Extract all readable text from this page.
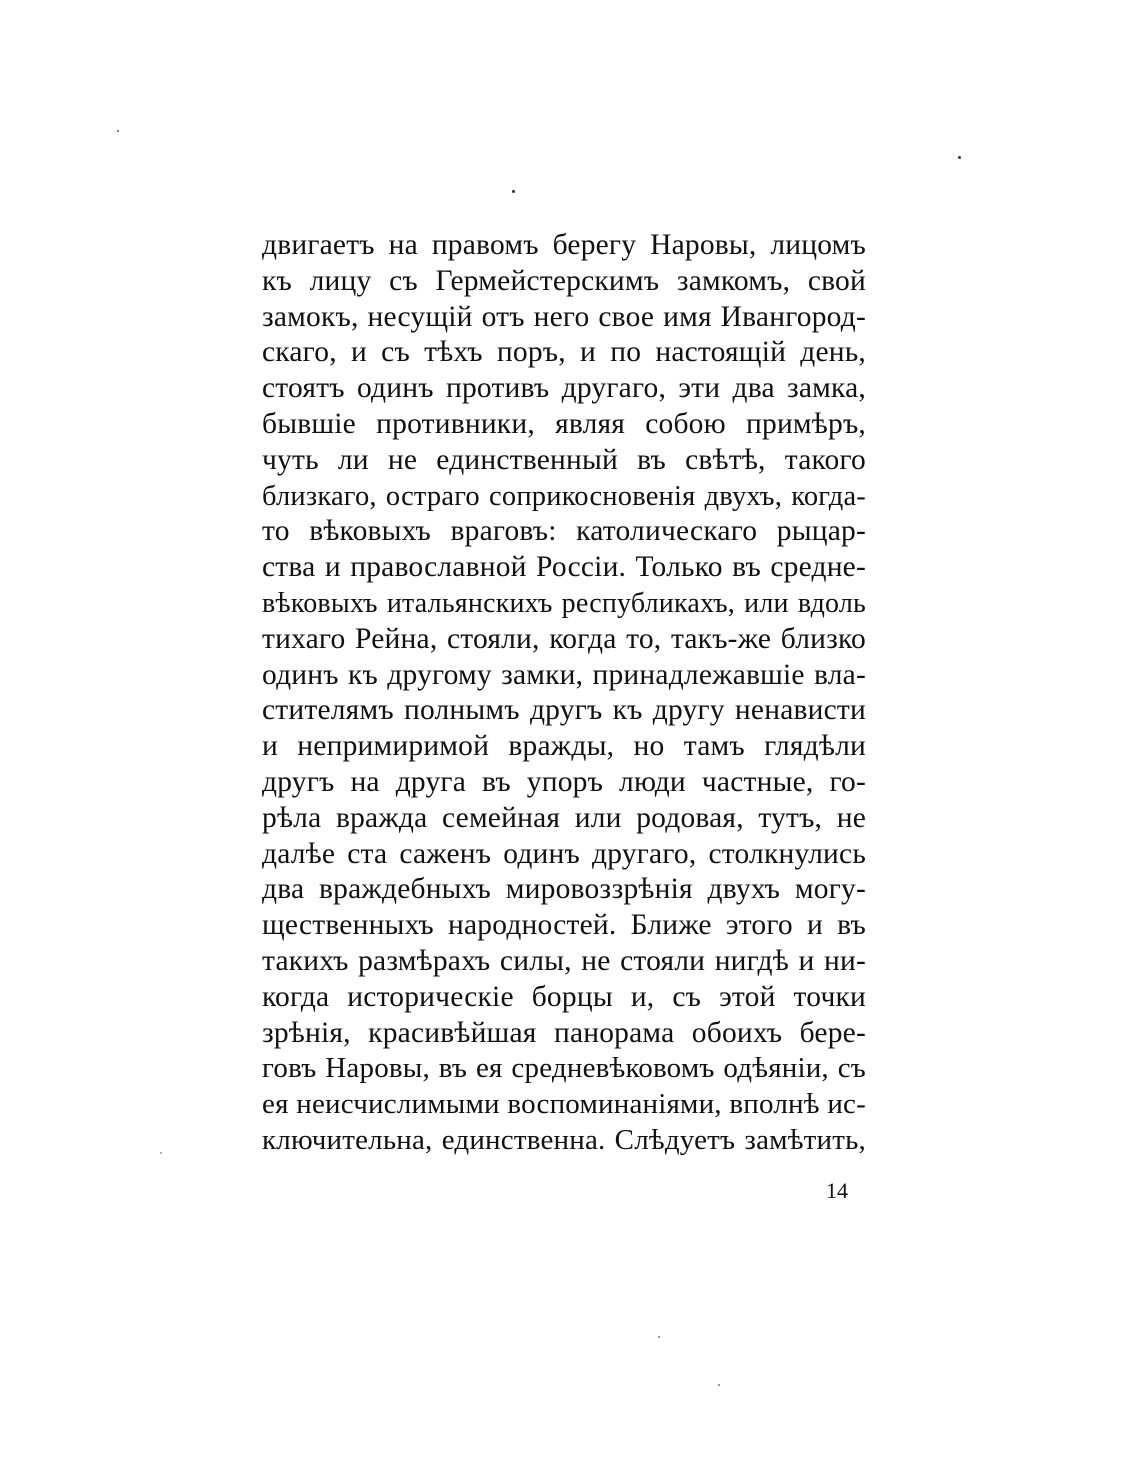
двигаетъ на правомъ берегу Наровы, лицомъ
къ лицу съ Гермейстерскимъ замкомъ, свой
замокъ, несущій отъ него свое имя Ивангород-
скаго, и съ тѣхъ поръ, и по настоящій день,
стоятъ одинъ противъ другаго, эти два замка,
бывшіе противники, являя собою примѣръ,
чуть ли не единственный въ свѣтѣ, такого
близкаго, остраго соприкосновенія двухъ, когда-
то вѣковыхъ враговъ: католическаго рыцар-
ства и православной Россіи. Только въ средне-
вѣковыхъ итальянскихъ республикахъ, или вдоль
тихаго Рейна, стояли, когда то, такъ-же близко
одинъ къ другому замки, принадлежавшіе вла-
стителямъ полнымъ другъ къ другу ненависти
и непримиримой вражды, но тамъ глядѣли
другъ на друга въ упоръ люди частные, го-
рѣла вражда семейная или родовая, тутъ, не
далѣе ста саженъ одинъ другаго, столкнулись
два враждебныхъ мировоззрѣнія двухъ могу-
щественныхъ народностей. Ближе этого и въ
такихъ размѣрахъ силы, не стояли нигдѣ и ни-
когда историческіе борцы и, съ этой точки
зрѣнія, красивѣйшая панорама обоихъ бере-
говъ Наровы, въ ея средневѣковомъ одѣяніи, съ
ея неисчислимыми воспоминаніями, вполнѣ ис-
ключительна, единственна. Слѣдуетъ замѣтить,
14
